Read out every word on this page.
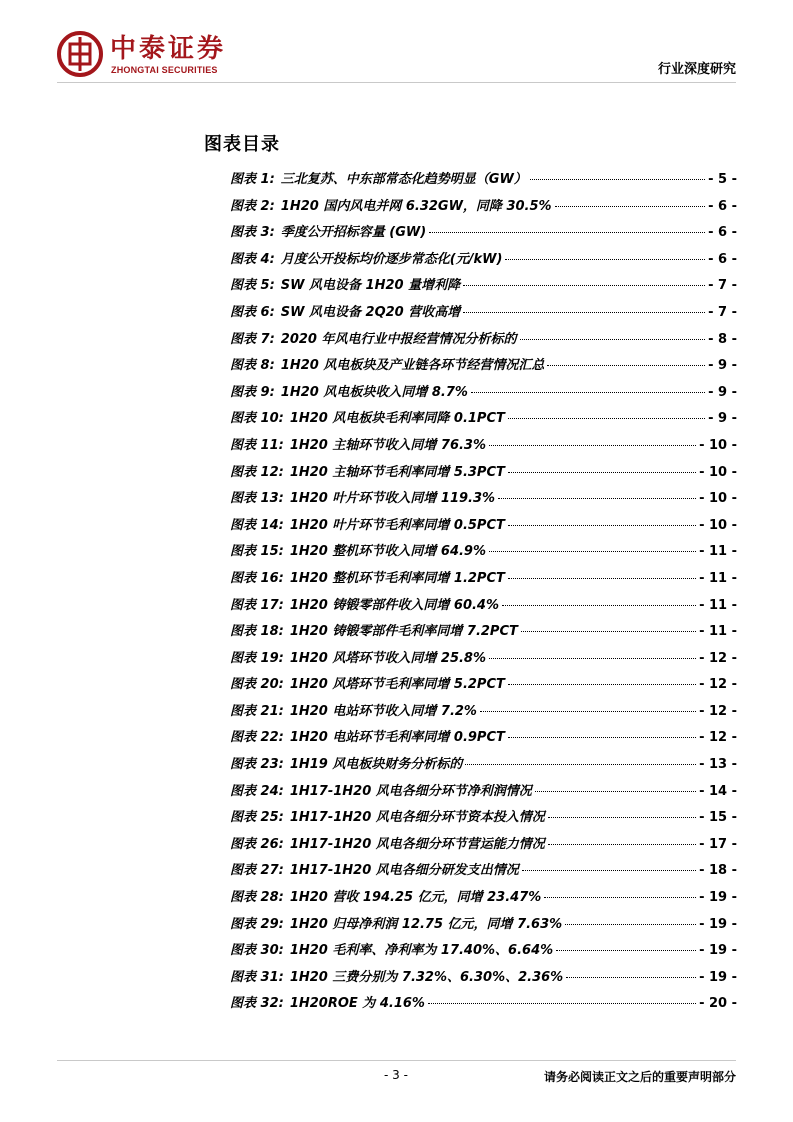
中泰证券
ZHONGTAI SECURITIES	行业深度研究
图表目录
图表 1: 三北复苏、中东部常态化趋势明显（GW）	- 5 -
图表 2: 1H20 国内风电并网 6.32GW，同降 30.5%	- 6 -
图表 3: 季度公开招标容量 (GW)	- 6 -
图表 4: 月度公开投标均价逐步常态化(元/kW)	- 6 -
图表 5: SW 风电设备 1H20 量增利降	- 7 -
图表 6: SW 风电设备 2Q20 营收高增	- 7 -
图表 7: 2020 年风电行业中报经营情况分析标的	- 8 -
图表 8: 1H20 风电板块及产业链各环节经营情况汇总	- 9 -
图表 9: 1H20 风电板块收入同增 8.7%	- 9 -
图表 10: 1H20 风电板块毛利率同降 0.1PCT	- 9 -
图表 11: 1H20 主轴环节收入同增 76.3%	- 10 -
图表 12: 1H20 主轴环节毛利率同增 5.3PCT	- 10 -
图表 13: 1H20 叶片环节收入同增 119.3%	- 10 -
图表 14: 1H20 叶片环节毛利率同增 0.5PCT	- 10 -
图表 15: 1H20 整机环节收入同增 64.9%	- 11 -
图表 16: 1H20 整机环节毛利率同增 1.2PCT	- 11 -
图表 17: 1H20 铸锻零部件收入同增 60.4%	- 11 -
图表 18: 1H20 铸锻零部件毛利率同增 7.2PCT	- 11 -
图表 19: 1H20 风塔环节收入同增 25.8%	- 12 -
图表 20: 1H20 风塔环节毛利率同增 5.2PCT	- 12 -
图表 21: 1H20 电站环节收入同增 7.2%	- 12 -
图表 22: 1H20 电站环节毛利率同增 0.9PCT	- 12 -
图表 23: 1H19 风电板块财务分析标的	- 13 -
图表 24: 1H17-1H20 风电各细分环节净利润情况	- 14 -
图表 25: 1H17-1H20 风电各细分环节资本投入情况	- 15 -
图表 26: 1H17-1H20 风电各细分环节营运能力情况	- 17 -
图表 27: 1H17-1H20 风电各细分研发支出情况	- 18 -
图表 28: 1H20 营收 194.25 亿元，同增 23.47%	- 19 -
图表 29: 1H20 归母净利润 12.75 亿元，同增 7.63%	- 19 -
图表 30: 1H20 毛利率、净利率为 17.40%、6.64%	- 19 -
图表 31: 1H20 三费分别为 7.32%、6.30%、2.36%	- 19 -
图表 32: 1H20ROE 为 4.16%	- 20 -
- 3 -	请务必阅读正文之后的重要声明部分
